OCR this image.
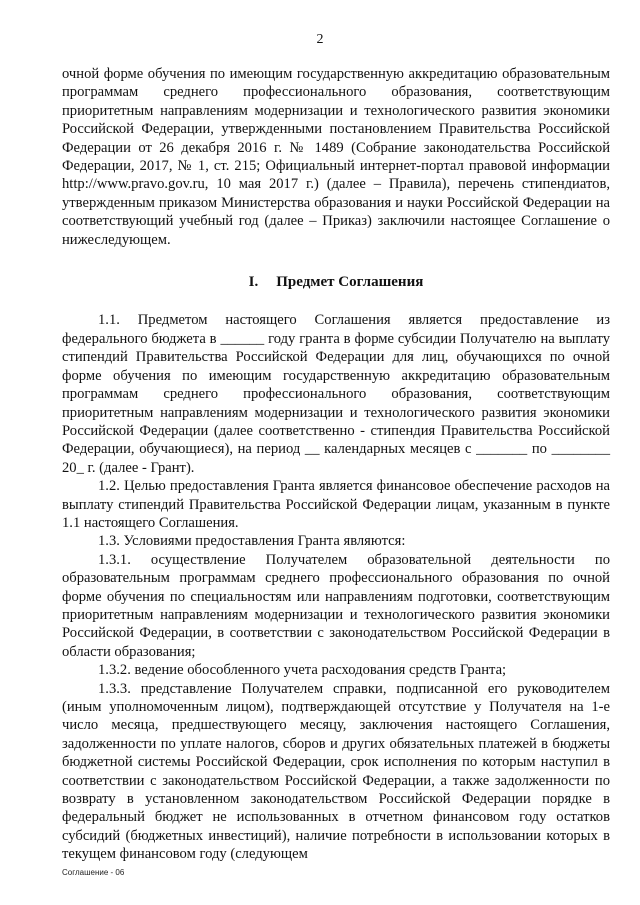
2

очной форме обучения по имеющим государственную аккредитацию образовательным программам среднего профессионального образования, соответствующим приоритетным направлениям модернизации и технологического развития экономики Российской Федерации, утвержденными постановлением Правительства Российской Федерации от 26 декабря 2016 г. № 1489 (Собрание законодательства Российской Федерации, 2017, № 1, ст. 215; Официальный интернет-портал правовой информации http://www.pravo.gov.ru, 10 мая 2017 г.) (далее – Правила), перечень стипендиатов, утвержденным приказом Министерства образования и науки Российской Федерации на соответствующий учебный год (далее – Приказ) заключили настоящее Соглашение о нижеследующем.

I. Предмет Соглашения

1.1. Предметом настоящего Соглашения является предоставление из федерального бюджета в ______ году гранта в форме субсидии Получателю на выплату стипендий Правительства Российской Федерации для лиц, обучающихся по очной форме обучения по имеющим государственную аккредитацию образовательным программам среднего профессионального образования, соответствующим приоритетным направлениям модернизации и технологического развития экономики Российской Федерации (далее соответственно - стипендия Правительства Российской Федерации, обучающиеся), на период __ календарных месяцев с _______ по ________ 20_ г. (далее - Грант).

1.2. Целью предоставления Гранта является финансовое обеспечение расходов на выплату стипендий Правительства Российской Федерации лицам, указанным в пункте 1.1 настоящего Соглашения.

1.3. Условиями предоставления Гранта являются:

1.3.1. осуществление Получателем образовательной деятельности по образовательным программам среднего профессионального образования по очной форме обучения по специальностям или направлениям подготовки, соответствующим приоритетным направлениям модернизации и технологического развития экономики Российской Федерации, в соответствии с законодательством Российской Федерации в области образования;

1.3.2. ведение обособленного учета расходования средств Гранта;

1.3.3. представление Получателем справки, подписанной его руководителем (иным уполномоченным лицом), подтверждающей отсутствие у Получателя на 1-е число месяца, предшествующего месяцу, заключения настоящего Соглашения, задолженности по уплате налогов, сборов и других обязательных платежей в бюджеты бюджетной системы Российской Федерации, срок исполнения по которым наступил в соответствии с законодательством Российской Федерации, а также задолженности по возврату в установленном законодательством Российской Федерации порядке в федеральный бюджет не использованных в отчетном финансовом году остатков субсидий (бюджетных инвестиций), наличие потребности в использовании которых в текущем финансовом году (следующем

Соглашение - 06
